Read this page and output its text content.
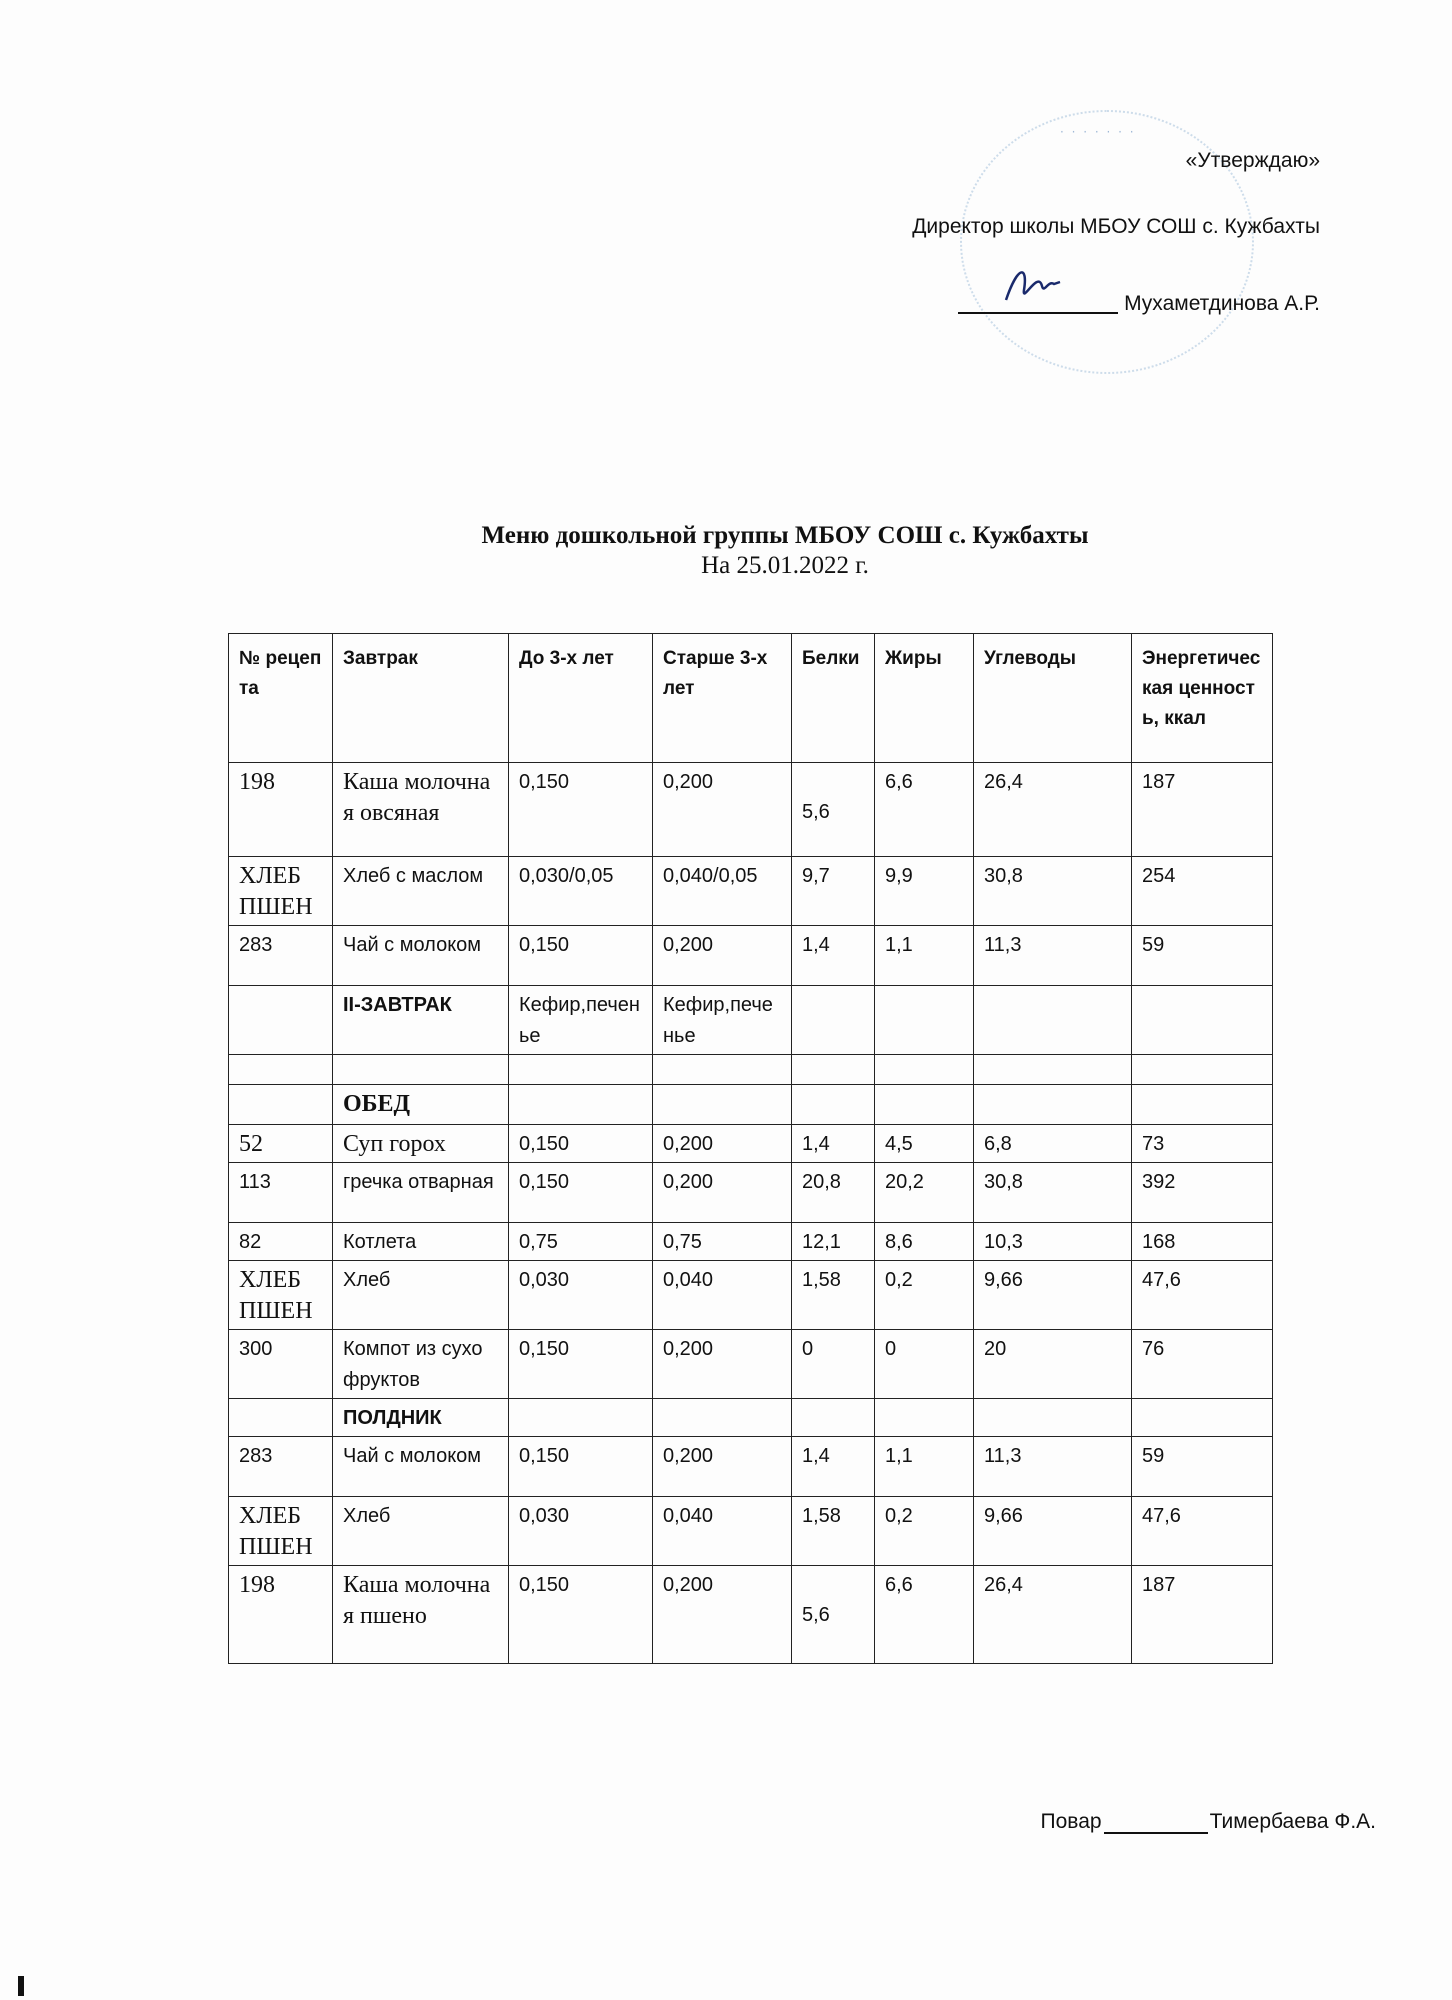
· · · · · · ·
«Утверждаю»
Директор школы МБОУ СОШ с. Кужбахты
Мухаметдинова А.Р.
Меню дошкольной группы МБОУ СОШ с. Кужбахты
На 25.01.2022 г.
№ рецепта	Завтрак	До 3-х лет	Старше 3-х лет	Белки	Жиры	Углеводы	Энергетическая ценность, ккал
198	Каша молочная овсяная	0,150	0,200	5,6	6,6	26,4	187
ХЛЕБ ПШЕН	Хлеб с маслом	0,030/0,05	0,040/0,05	9,7	9,9	30,8	254
283	Чай с молоком	0,150	0,200	1,4	1,1	11,3	59
	II-ЗАВТРАК	Кефир,печенье	Кефир,печенье				

	ОБЕД						
52	Суп горох	0,150	0,200	1,4	4,5	6,8	73
113	гречка отварная	0,150	0,200	20,8	20,2	30,8	392
82	Котлета	0,75	0,75	12,1	8,6	10,3	168
ХЛЕБ ПШЕН	Хлеб	0,030	0,040	1,58	0,2	9,66	47,6
300	Компот из сухофруктов	0,150	0,200	0	0	20	76
	ПОЛДНИК						
283	Чай с молоком	0,150	0,200	1,4	1,1	11,3	59
ХЛЕБ ПШЕН	Хлеб	0,030	0,040	1,58	0,2	9,66	47,6
198	Каша молочная пшено	0,150	0,200	5,6	6,6	26,4	187
Повар	Тимербаева Ф.А.
